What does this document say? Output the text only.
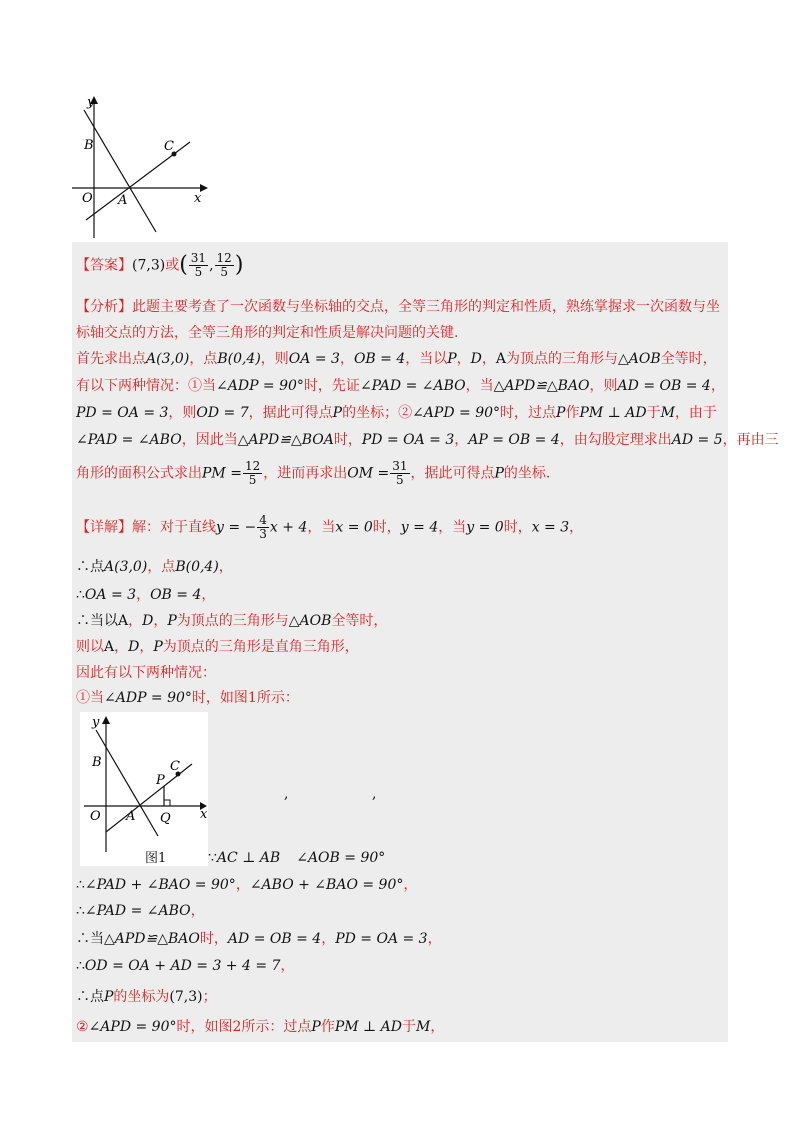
y
x
B	C
O A
【答案】(7,3)或( $\frac{31}{5}$ , $\frac{12}{5}$ )
【分析】此题主要考查了一次函数与坐标轴的交点，全等三角形的判定和性质，熟练掌握求一次函数与坐
标轴交点的方法，全等三角形的判定和性质是解决问题的关键.
首先求出点A(3,0)，点B(0,4)，则OA = 3，OB = 4，当以P，D，A为顶点的三角形与△AOB全等时，
有以下两种情况：①当∠ADP = 90°时，先证∠PAD = ∠ABO，当△APD≌△BAO，则AD = OB = 4，
PD = OA = 3，则OD = 7，据此可得点P的坐标；②∠APD = 90°时，过点P作PM ⊥ AD于M，由于
∠PAD = ∠ABO，因此当△APD≌△BOA时，PD = OA = 3，AP = OB = 4，由勾股定理求出AD = 5，再由三
角形的面积公式求出PM = $\frac{12}{5}$ ，进而再求出OM = $\frac{31}{5}$ ，据此可得点P的坐标.
【详解】解：对于直线y = − $\frac{4}{3}$ x + 4，当x = 0时，y = 4，当y = 0时，x = 3，
∴点A(3,0)，点B(0,4)，
∴OA = 3，OB = 4，
∴当以A，D，P为顶点的三角形与△AOB全等时，
则以A，D，P为顶点的三角形是直角三角形，
因此有以下两种情况：
①当∠ADP = 90°时，如图1所示：
y
x
B	C
P
O A Q
图1
,	,
∵AC ⊥ AB ∠AOB = 90°
∴∠PAD + ∠BAO = 90°，∠ABO + ∠BAO = 90°，
∴∠PAD = ∠ABO，
∴当△APD≌△BAO时，AD = OB = 4，PD = OA = 3，
∴OD = OA + AD = 3 + 4 = 7，
∴点P的坐标为(7,3)；
②∠APD = 90°时，如图2所示：过点P作PM ⊥ AD于M，
